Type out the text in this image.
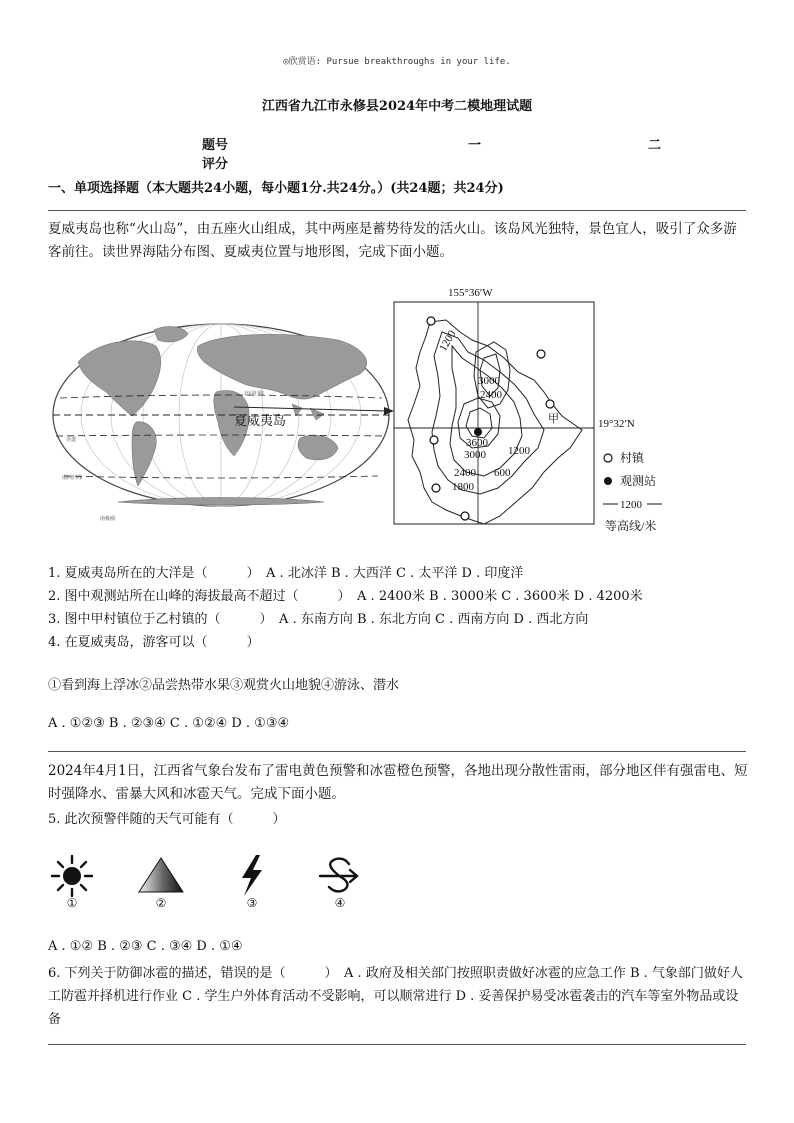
◎欣赏语: Pursue breakthroughs in your life.
江西省九江市永修县2024年中考二模地理试题
题号
评分
一	二
一、单项选择题（本大题共24小题，每小题1分.共24分。）(共24题；共24分)
夏威夷岛也称“火山岛”，由五座火山组成，其中两座是蓄势待发的活火山。该岛风光独特，景色宜人，吸引了众多游客前往。读世界海陆分布图、夏威夷位置与地形图，完成下面小题。
北回归线
赤道
南回归线
南极圈
夏威夷岛
155°36′W
19°32′N
1200
3000
2400
3600
3000
2400
1800
1200
600
甲
村镇
观测站
1200
等高线/米
1. 夏威夷岛所在的大洋是（　　　）　A . 北冰洋 B . 大西洋 C . 太平洋 D . 印度洋
2. 图中观测站所在山峰的海拔最高不超过（　　　）　A . 2400米 B . 3000米 C . 3600米 D . 4200米
3. 图中甲村镇位于乙村镇的（　　　）　A . 东南方向 B . 东北方向 C . 西南方向 D . 西北方向
4. 在夏威夷岛，游客可以（　　　）
①看到海上浮冰②品尝热带水果③观赏火山地貌④游泳、潜水
A . ①②③ B . ②③④ C . ①②④ D . ①③④
2024年4月1日，江西省气象台发布了雷电黄色预警和冰雹橙色预警，各地出现分散性雷雨，部分地区伴有强雷电、短时强降水、雷暴大风和冰雹天气。完成下面小题。
5. 此次预警伴随的天气可能有（　　　）
①	②	③	④
A . ①② B . ②③ C . ③④ D . ①④
6. 下列关于防御冰雹的描述，错误的是（　　　）　A . 政府及相关部门按照职责做好冰雹的应急工作 B . 气象部门做好人工防雹并择机进行作业 C . 学生户外体育活动不受影响，可以顺常进行 D . 妥善保护易受冰雹袭击的汽车等室外物品或设备
